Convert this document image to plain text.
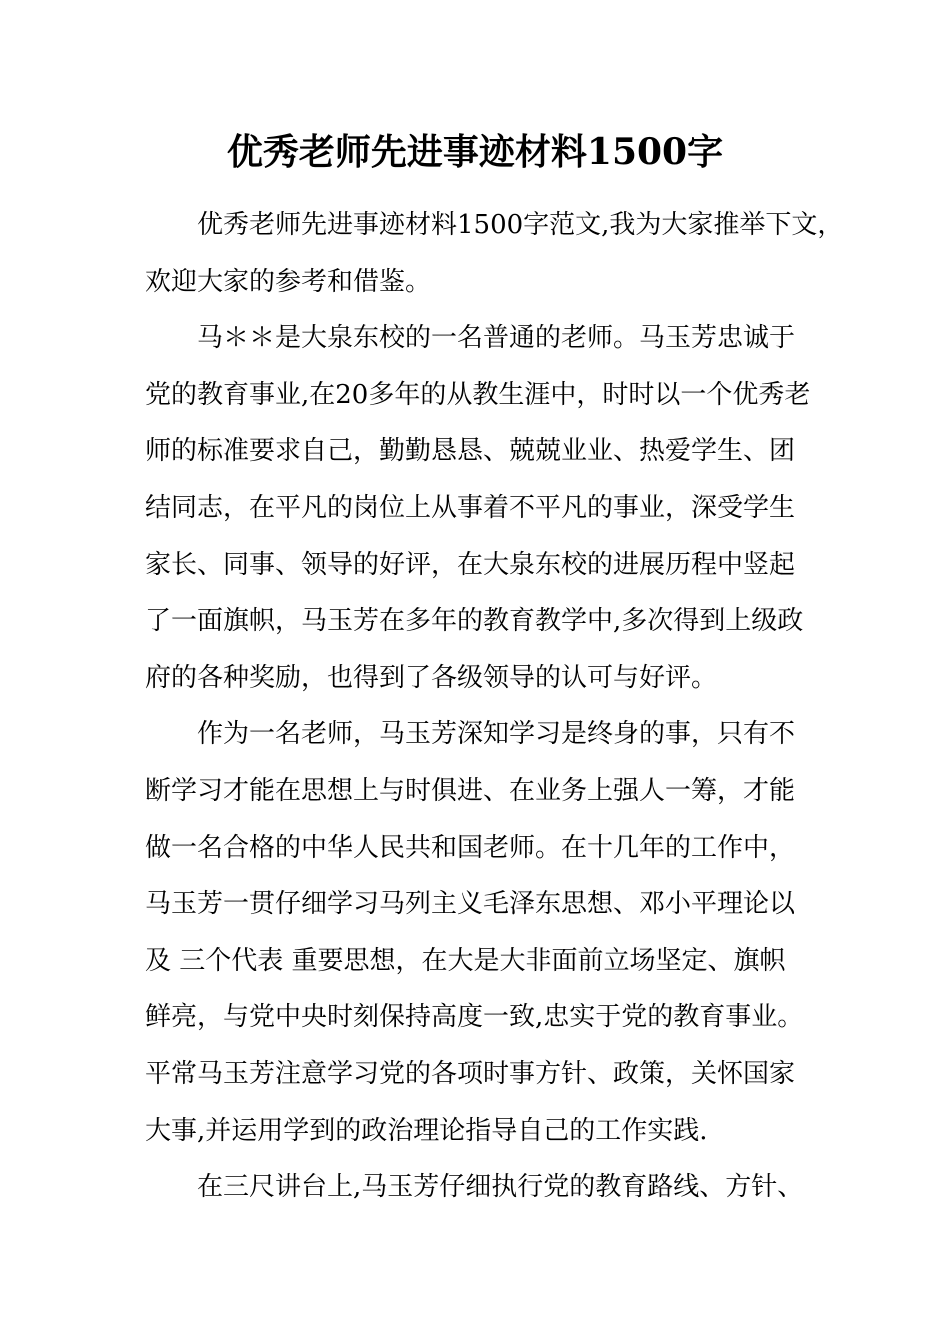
优秀老师先进事迹材料1500字
优秀老师先进事迹材料1500字范文,我为大家推举下文，
欢迎大家的参考和借鉴。
马＊＊是大泉东校的一名普通的老师。马玉芳忠诚于
党的教育事业,在20多年的从教生涯中，时时以一个优秀老
师的标准要求自己，勤勤恳恳、兢兢业业、热爱学生、团
结同志，在平凡的岗位上从事着不平凡的事业，深受学生
家长、同事、领导的好评，在大泉东校的进展历程中竖起
了一面旗帜，马玉芳在多年的教育教学中,多次得到上级政
府的各种奖励，也得到了各级领导的认可与好评。
作为一名老师，马玉芳深知学习是终身的事，只有不
断学习才能在思想上与时俱进、在业务上强人一筹，才能
做一名合格的中华人民共和国老师。在十几年的工作中，
马玉芳一贯仔细学习马列主义毛泽东思想、邓小平理论以
及 三个代表 重要思想，在大是大非面前立场坚定、旗帜
鲜亮，与党中央时刻保持高度一致,忠实于党的教育事业。
平常马玉芳注意学习党的各项时事方针、政策，关怀国家
大事,并运用学到的政治理论指导自己的工作实践.
在三尺讲台上,马玉芳仔细执行党的教育路线、方针、
